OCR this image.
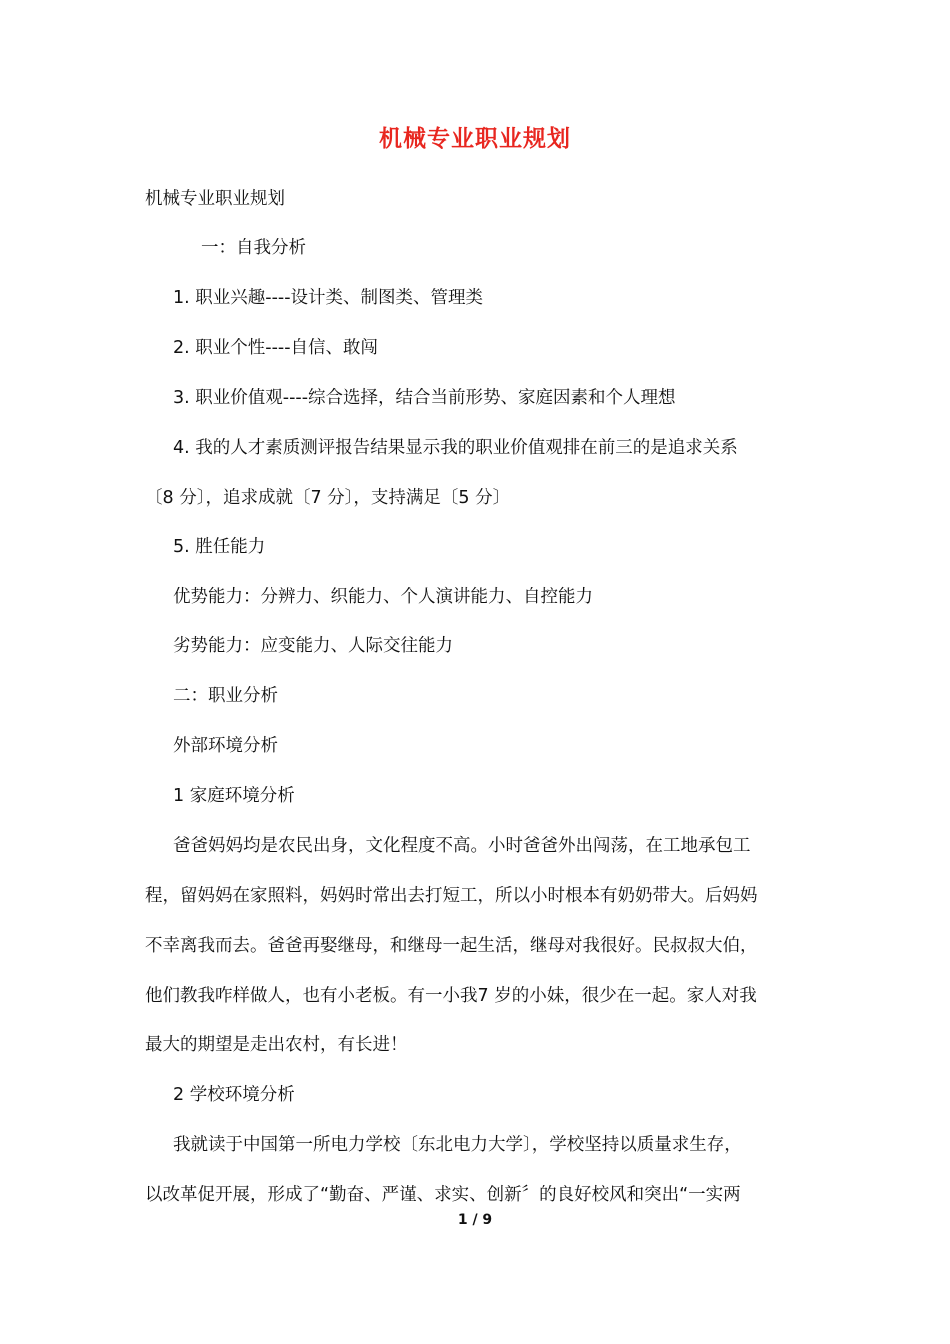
机械专业职业规划
机械专业职业规划
一：自我分析
1. 职业兴趣----设计类、制图类、管理类
2. 职业个性----自信、敢闯
3. 职业价值观----综合选择，结合当前形势、家庭因素和个人理想
4. 我的人才素质测评报告结果显示我的职业价值观排在前三的是追求关系
〔8 分〕，追求成就〔7 分〕，支持满足〔5 分〕
5. 胜任能力
优势能力：分辨力、织能力、个人演讲能力、自控能力
劣势能力：应变能力、人际交往能力
二：职业分析
外部环境分析
1 家庭环境分析
爸爸妈妈均是农民出身，文化程度不高。小时爸爸外出闯荡，在工地承包工
程，留妈妈在家照料，妈妈时常出去打短工，所以小时根本有奶奶带大。后妈妈
不幸离我而去。爸爸再娶继母，和继母一起生活，继母对我很好。民叔叔大伯，
他们教我咋样做人，也有小老板。有一小我7 岁的小妹，很少在一起。家人对我
最大的期望是走出农村，有长进！
2 学校环境分析
我就读于中国第一所电力学校〔东北电力大学〕，学校坚持以质量求生存，
以改革促开展，形成了“勤奋、严谨、求实、创新〞的良好校风和突出“一实两
1 / 9
